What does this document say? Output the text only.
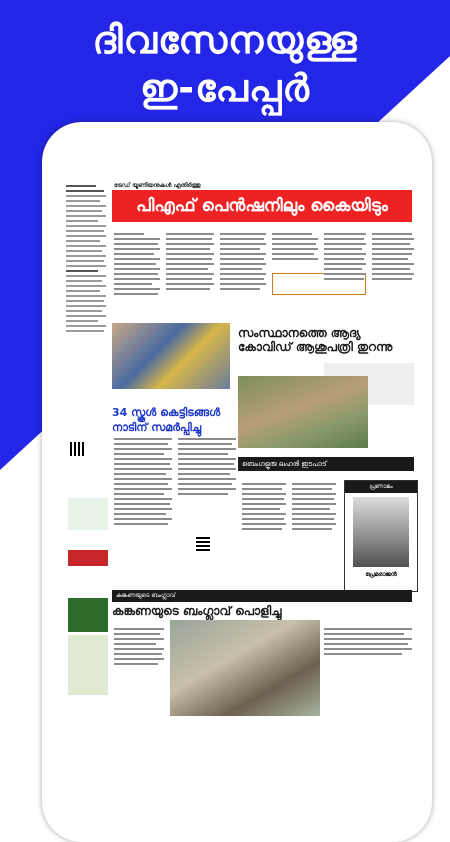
ദിവസേനയുള്ള
ഇ-പേപ്പർ
ട്രേഡ് യൂണിയനുകൾ എതിർത്തു
പിഎഫ് പെൻഷനിലും കൈയിടും
34 സ്കൂൾ കെട്ടിടങ്ങൾ നാടിന് സമർപ്പിച്ചു
സംസ്ഥാനത്തെ ആദ്യ കോവിഡ് ആശുപത്രി തുറന്നു
ബെംഗളൂരു ലഹരി ഇടപാട്
പ്രണാമം
പ്രേമരാജൻ
കങ്കണയുടെ ബംഗ്ലാവ്
കങ്കണയുടെ ബംഗ്ലാവ് പൊളിച്ചു
